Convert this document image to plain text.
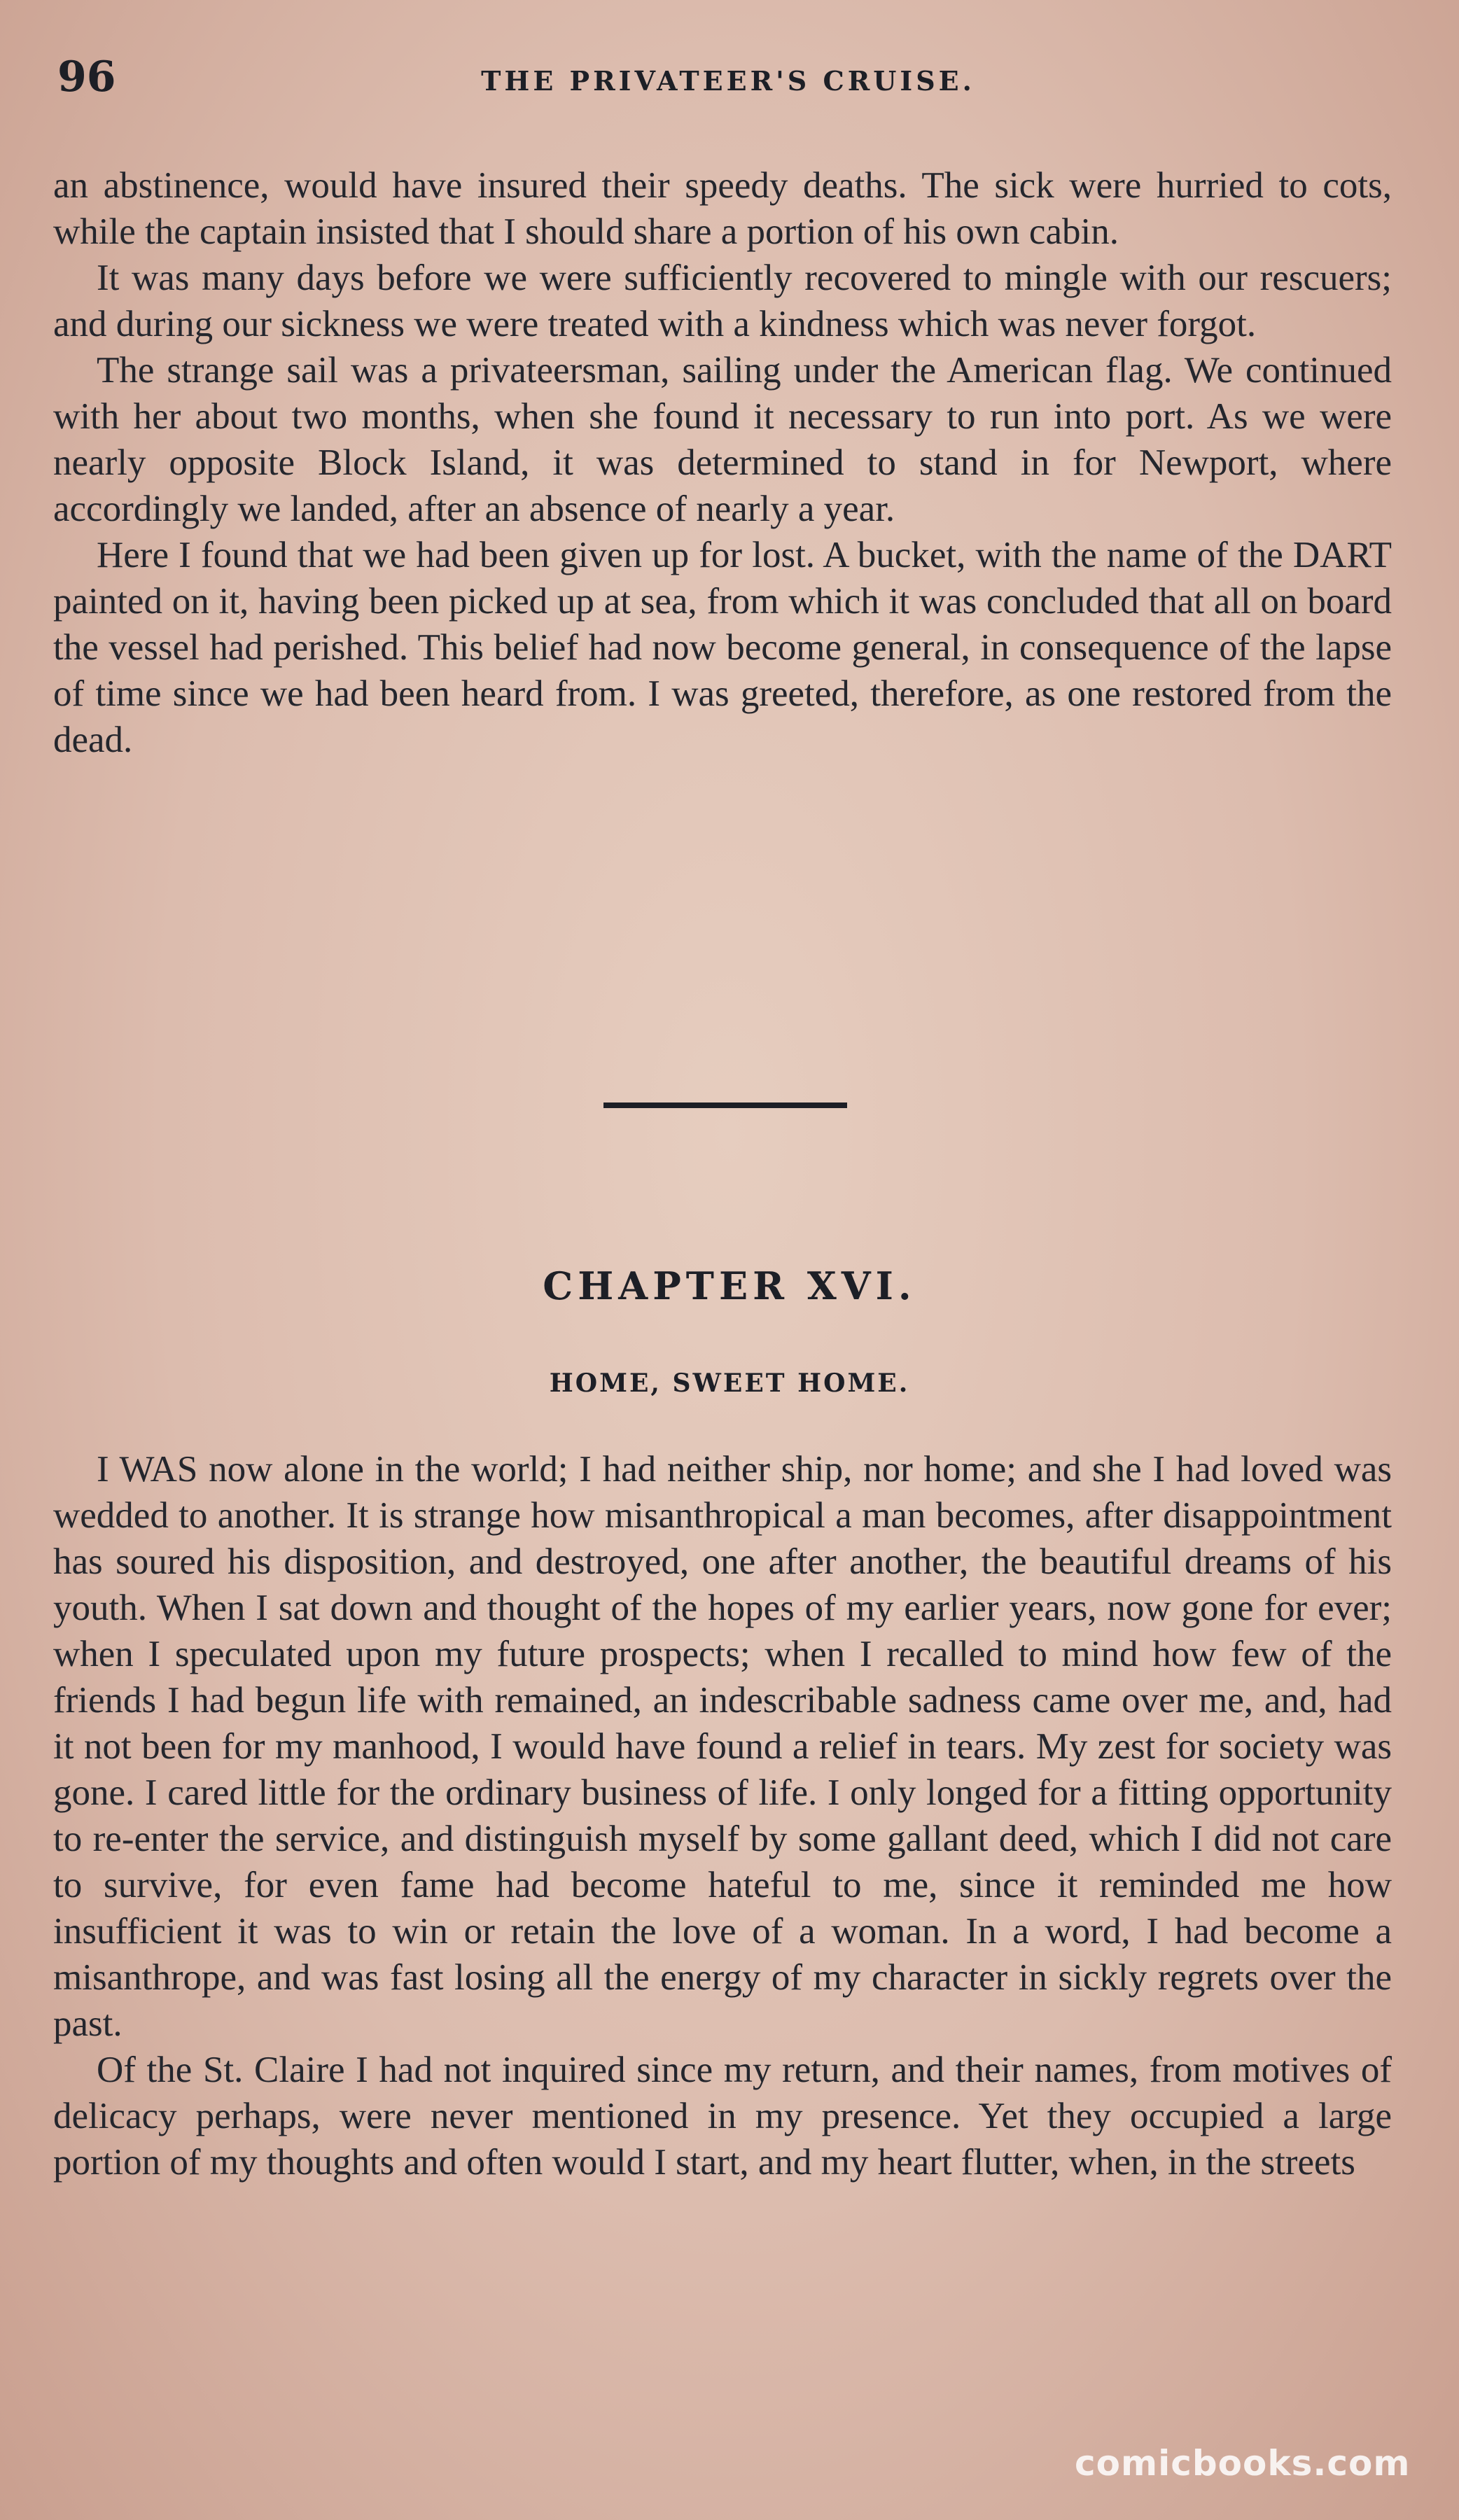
96	THE PRIVATEER'S CRUISE.

an abstinence, would have insured their speedy deaths. The sick were hurried to cots, while the captain insisted that I should share a portion of his own cabin.

It was many days before we were sufficiently recovered to mingle with our rescuers; and during our sickness we were treated with a kindness which was never forgot.

The strange sail was a privateersman, sailing under the American flag. We continued with her about two months, when she found it necessary to run into port. As we were nearly opposite Block Island, it was determined to stand in for Newport, where accordingly we landed, after an absence of nearly a year.

Here I found that we had been given up for lost. A bucket, with the name of the DART painted on it, having been picked up at sea, from which it was concluded that all on board the vessel had perished. This belief had now become general, in consequence of the lapse of time since we had been heard from. I was greeted, therefore, as one restored from the dead.

CHAPTER XVI.
HOME, SWEET HOME.

I WAS now alone in the world; I had neither ship, nor home; and she I had loved was wedded to another. It is strange how misanthropical a man becomes, after disappointment has soured his disposition, and destroyed, one after another, the beautiful dreams of his youth. When I sat down and thought of the hopes of my earlier years, now gone for ever; when I speculated upon my future prospects; when I recalled to mind how few of the friends I had begun life with remained, an indescribable sadness came over me, and, had it not been for my manhood, I would have found a relief in tears. My zest for society was gone. I cared little for the ordinary business of life. I only longed for a fitting opportunity to re-enter the service, and distinguish myself by some gallant deed, which I did not care to survive, for even fame had become hateful to me, since it reminded me how insufficient it was to win or retain the love of a woman. In a word, I had become a misanthrope, and was fast losing all the energy of my character in sickly regrets over the past.

Of the St. Claire I had not inquired since my return, and their names, from motives of delicacy perhaps, were never mentioned in my presence. Yet they occupied a large portion of my thoughts and often would I start, and my heart flutter, when, in the streets

comicbooks.com
